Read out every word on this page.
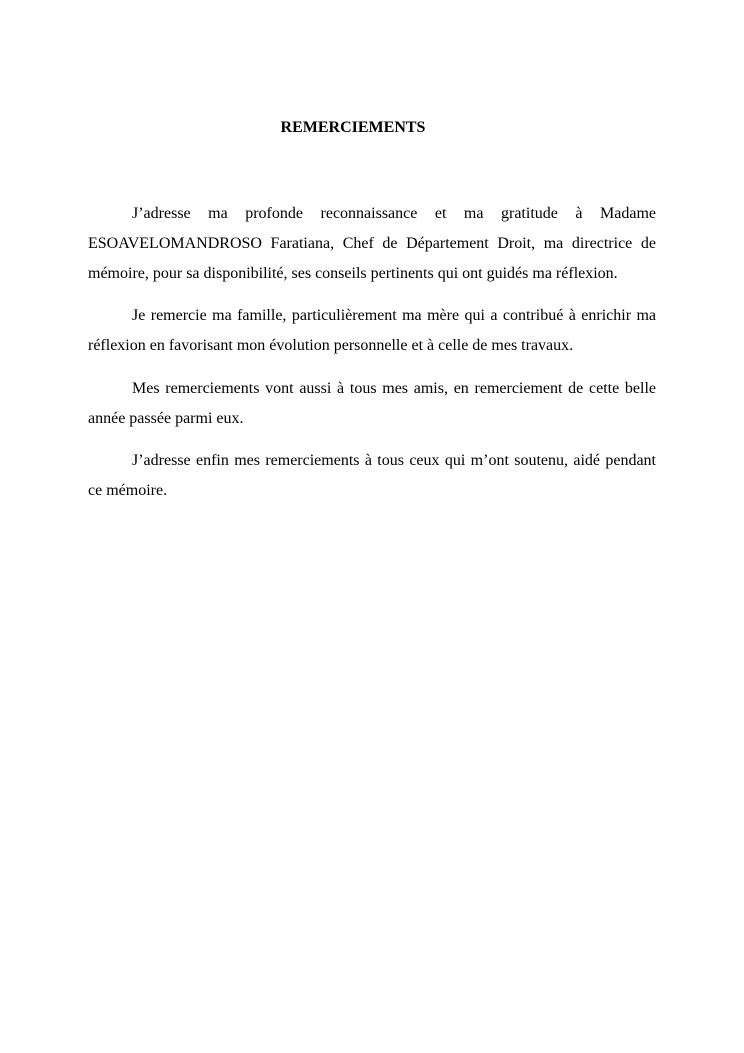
REMERCIEMENTS

J’adresse ma profonde reconnaissance et ma gratitude à Madame ESOAVELOMANDROSO Faratiana, Chef de Département Droit, ma directrice de mémoire, pour sa disponibilité, ses conseils pertinents qui ont guidés ma réflexion.

Je remercie ma famille, particulièrement ma mère qui a contribué à enrichir ma réflexion en favorisant mon évolution personnelle et à celle de mes travaux.

Mes remerciements vont aussi à tous mes amis, en remerciement de cette belle année passée parmi eux.

J’adresse enfin mes remerciements à tous ceux qui m’ont soutenu, aidé pendant ce mémoire.
